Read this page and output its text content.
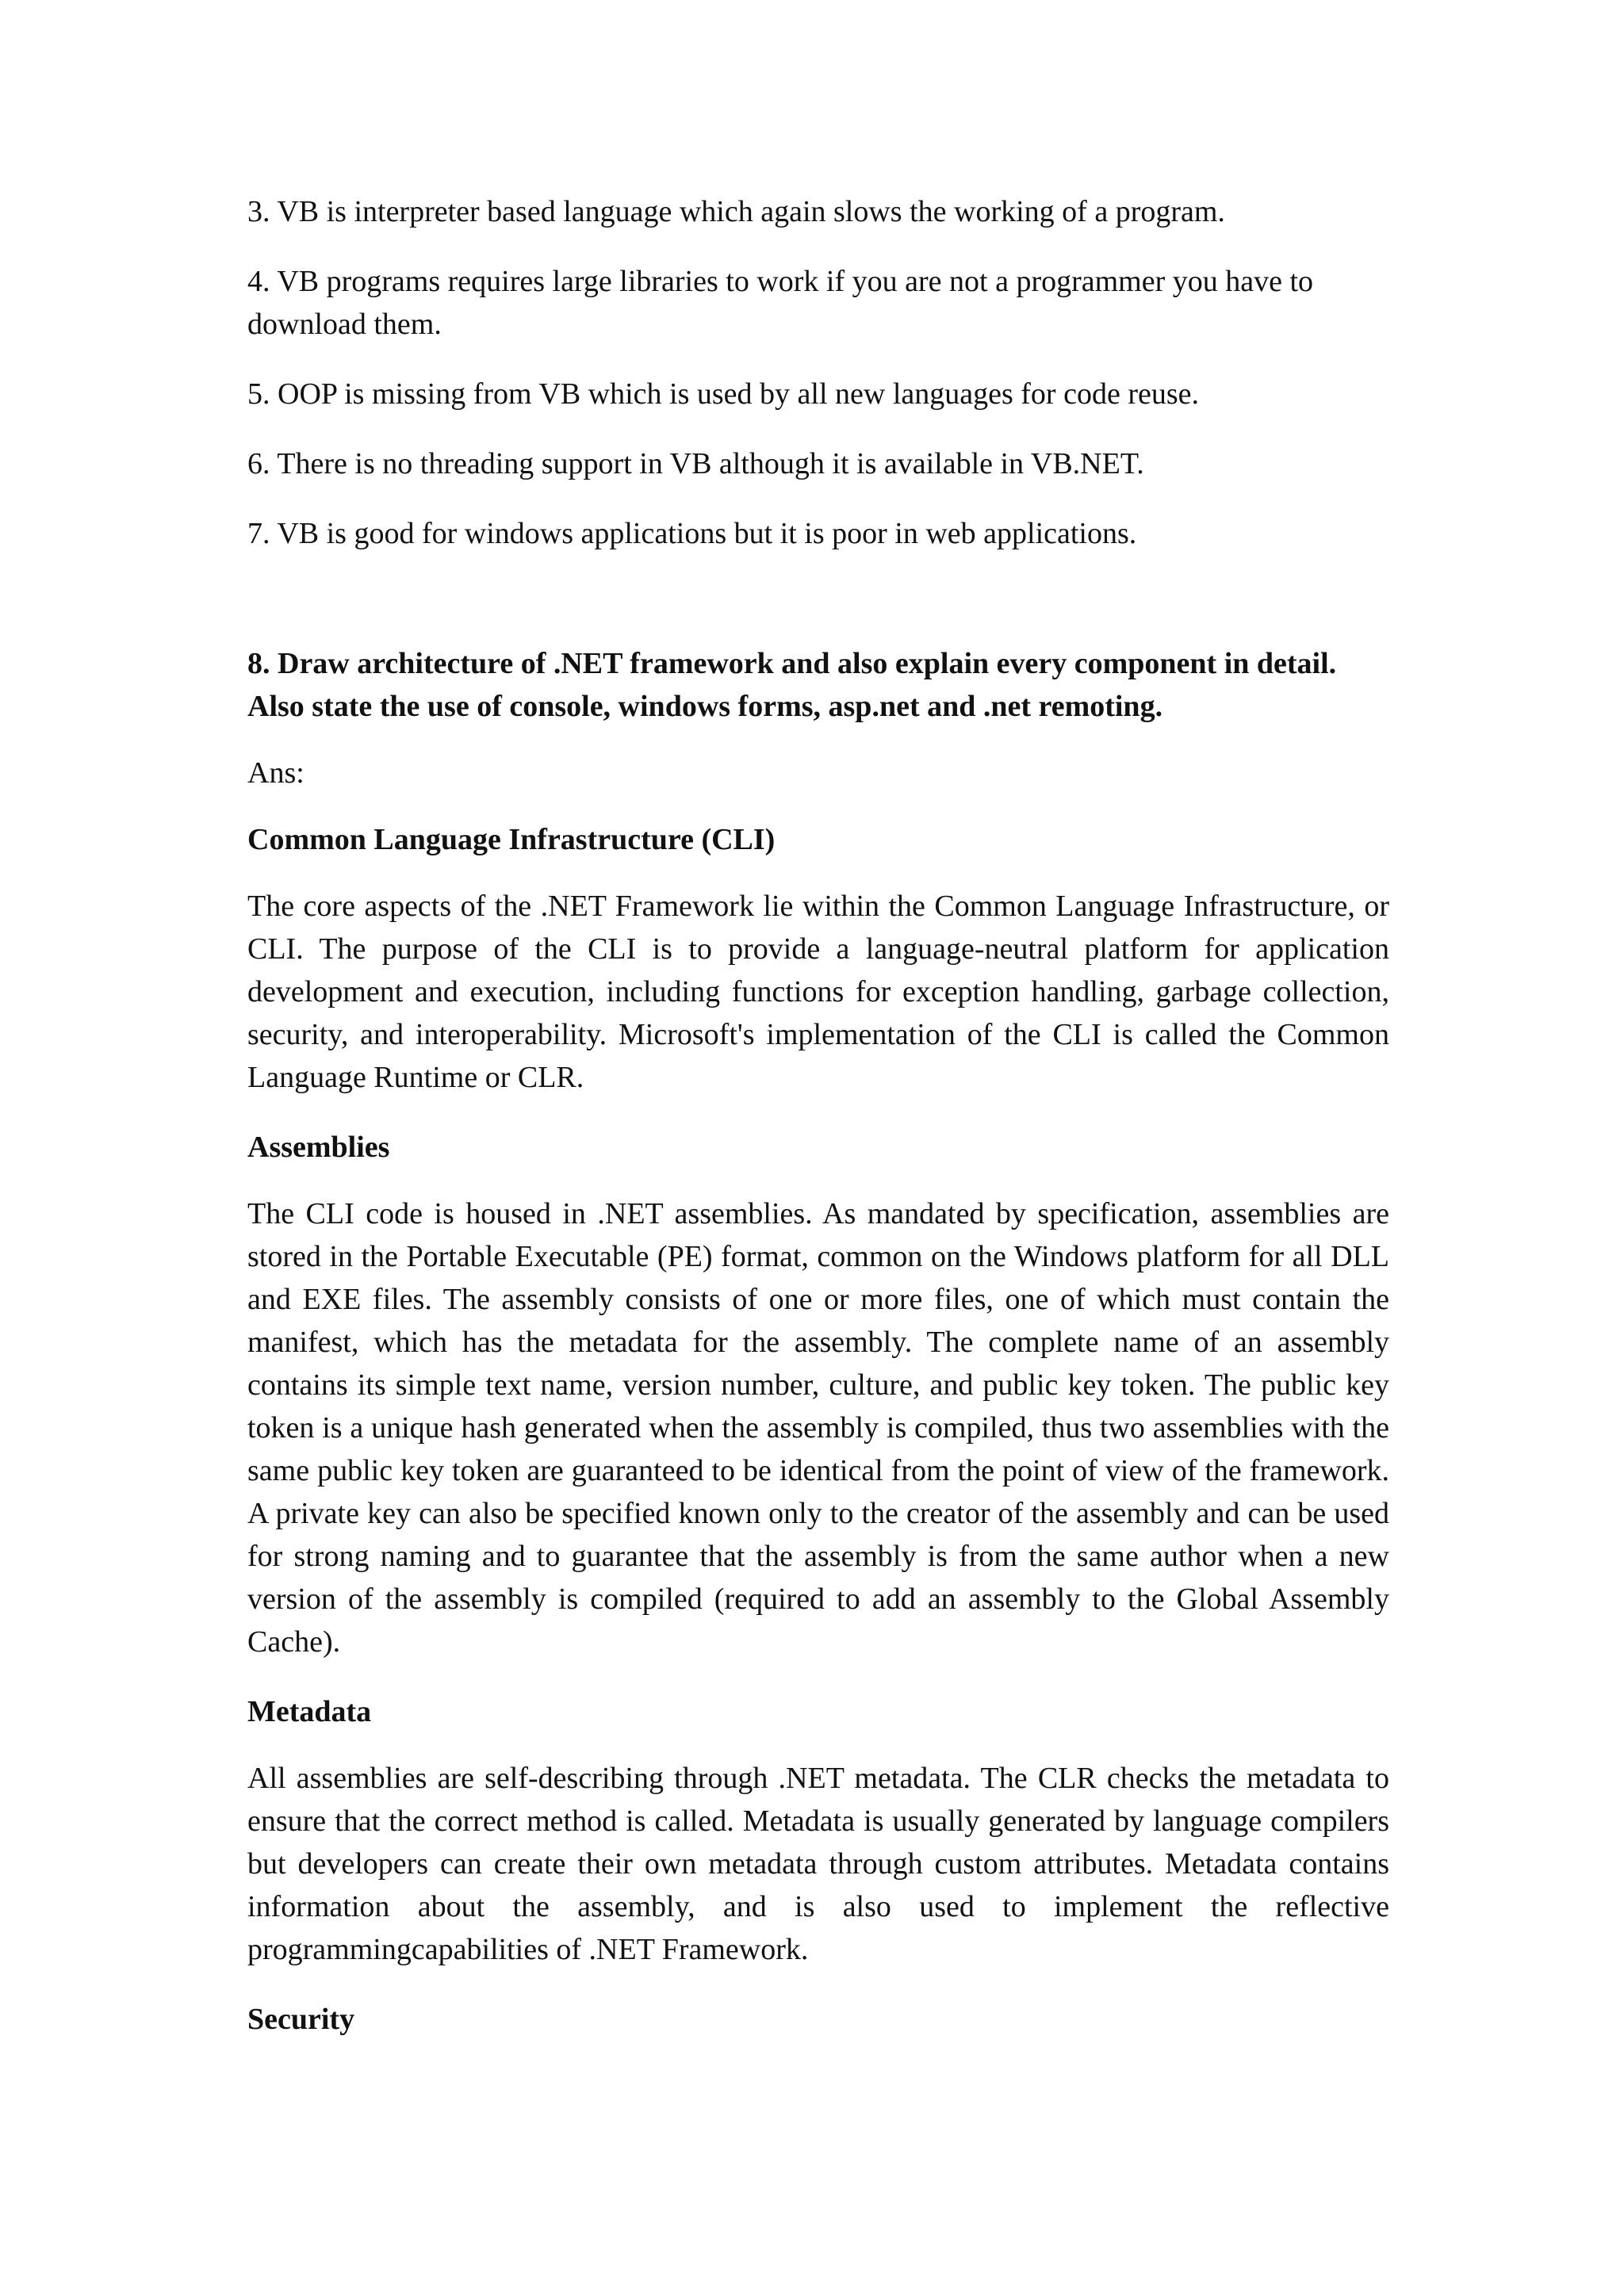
3. VB is interpreter based language which again slows the working of a program.

4. VB programs requires large libraries to work if you are not a programmer you have to download them.

5. OOP is missing from VB which is used by all new languages for code reuse.

6. There is no threading support in VB although it is available in VB.NET.

7. VB is good for windows applications but it is poor in web applications.

8. Draw architecture of .NET framework and also explain every component in detail. Also state the use of console, windows forms, asp.net and .net remoting.

Ans:

Common Language Infrastructure (CLI)

The core aspects of the .NET Framework lie within the Common Language Infrastructure, or CLI. The purpose of the CLI is to provide a language-neutral platform for application development and execution, including functions for exception handling, garbage collection, security, and interoperability. Microsoft's implementation of the CLI is called the Common Language Runtime or CLR.

Assemblies

The CLI code is housed in .NET assemblies. As mandated by specification, assemblies are stored in the Portable Executable (PE) format, common on the Windows platform for all DLL and EXE files. The assembly consists of one or more files, one of which must contain the manifest, which has the metadata for the assembly. The complete name of an assembly contains its simple text name, version number, culture, and public key token. The public key token is a unique hash generated when the assembly is compiled, thus two assemblies with the same public key token are guaranteed to be identical from the point of view of the framework. A private key can also be specified known only to the creator of the assembly and can be used for strong naming and to guarantee that the assembly is from the same author when a new version of the assembly is compiled (required to add an assembly to the Global Assembly Cache).

Metadata

All assemblies are self-describing through .NET metadata. The CLR checks the metadata to ensure that the correct method is called. Metadata is usually generated by language compilers but developers can create their own metadata through custom attributes. Metadata contains information about the assembly, and is also used to implement the reflective programmingcapabilities of .NET Framework.

Security
